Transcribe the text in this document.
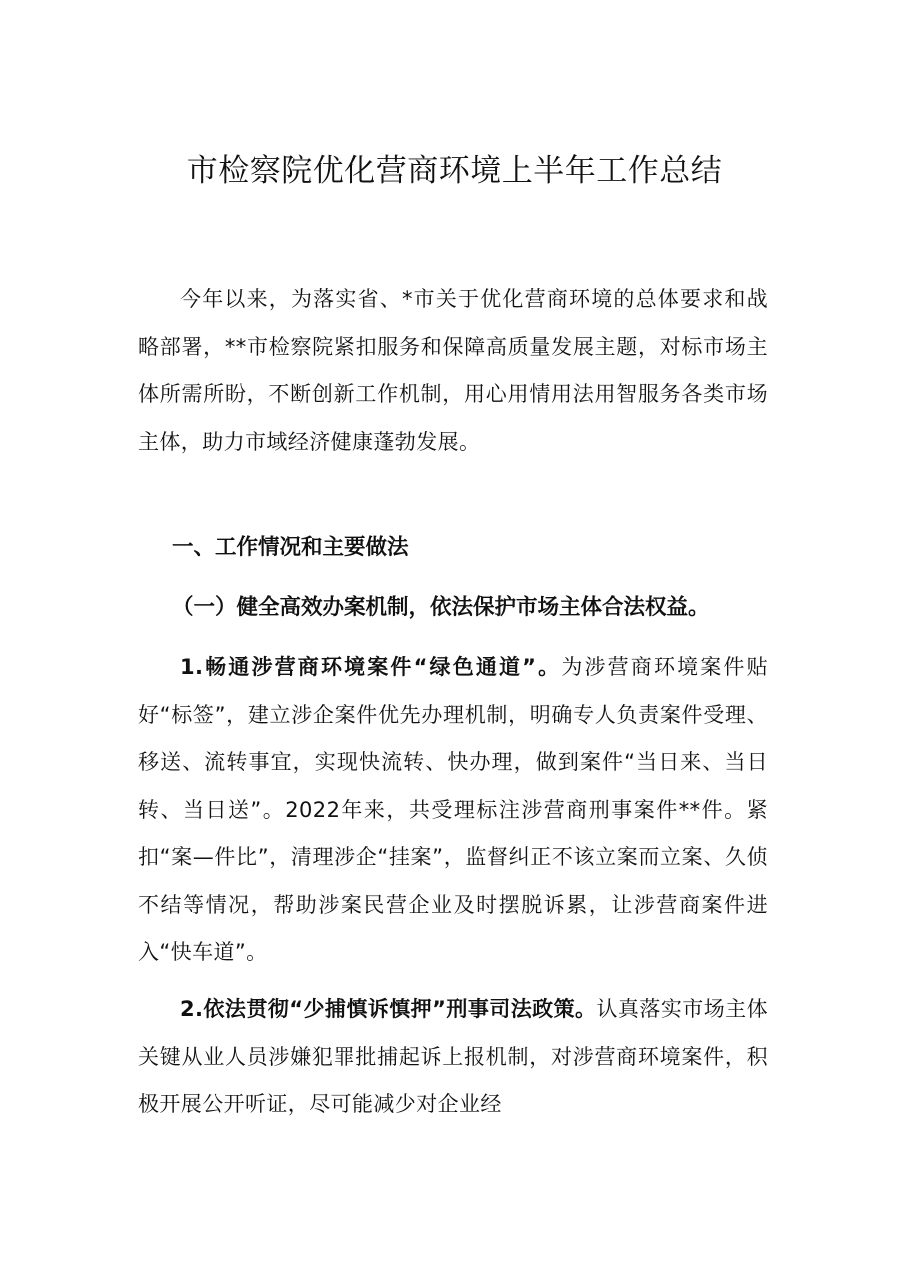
市检察院优化营商环境上半年工作总结

今年以来，为落实省、*市关于优化营商环境的总体要求和战略部署，**市检察院紧扣服务和保障高质量发展主题，对标市场主体所需所盼，不断创新工作机制，用心用情用法用智服务各类市场主体，助力市域经济健康蓬勃发展。

一、工作情况和主要做法
（一）健全高效办案机制，依法保护市场主体合法权益。

1.畅通涉营商环境案件“绿色通道”。为涉营商环境案件贴好“标签”，建立涉企案件优先办理机制，明确专人负责案件受理、移送、流转事宜，实现快流转、快办理，做到案件“当日来、当日转、当日送”。2022年来，共受理标注涉营商刑事案件**件。紧扣“案—件比”，清理涉企“挂案”，监督纠正不该立案而立案、久侦不结等情况，帮助涉案民营企业及时摆脱诉累，让涉营商案件进入“快车道”。

2.依法贯彻“少捕慎诉慎押”刑事司法政策。认真落实市场主体关键从业人员涉嫌犯罪批捕起诉上报机制，对涉营商环境案件，积极开展公开听证，尽可能减少对企业经
